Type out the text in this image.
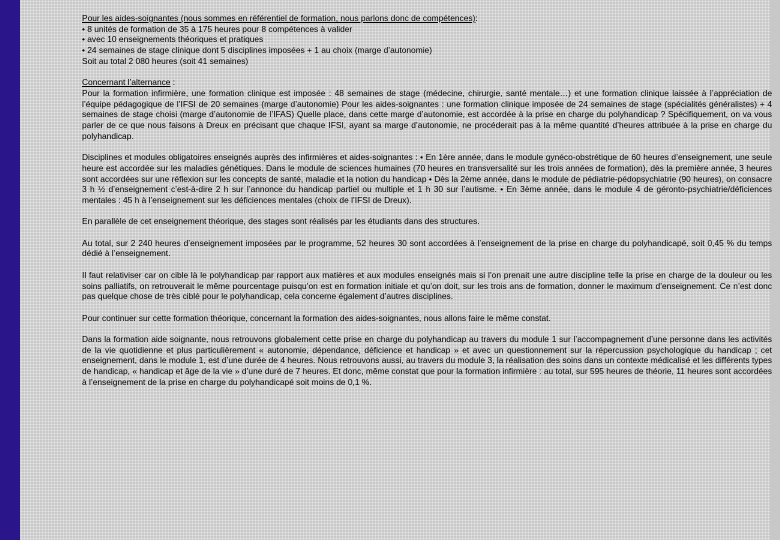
Pour les aides-soignantes (nous sommes en référentiel de formation, nous parlons donc de compétences):
• 8 unités de formation de 35 à 175 heures pour 8 compétences à valider
• avec 10 enseignements théoriques et pratiques
• 24 semaines de stage clinique dont 5 disciplines imposées + 1 au choix (marge d’autonomie)
Soit au total 2 080 heures (soit 41 semaines)

Concernant l’alternance :
Pour la formation infirmière, une formation clinique est imposée : 48 semaines de stage (médecine, chirurgie, santé mentale…) et une formation clinique laissée à l’appréciation de l’équipe pédagogique de l’IFSI de 20 semaines (marge d’autonomie) Pour les aides-soignantes : une formation clinique imposée de 24 semaines de stage (spécialités généralistes) + 4 semaines de stage choisi (marge d’autonomie de l’IFAS) Quelle place, dans cette marge d’autonomie, est accordée à la prise en charge du polyhandicap ? Spécifiquement, on va vous parler de ce que nous faisons à Dreux en précisant que chaque IFSI, ayant sa marge d’autonomie, ne procéderait pas à la même quantité d’heures attribuée à la prise en charge du polyhandicap.

Disciplines et modules obligatoires enseignés auprès des infirmières et aides-soignantes : • En 1ère année, dans le module gynéco-obstrétique de 60 heures d’enseignement, une seule heure est accordée sur les maladies génétiques. Dans le module de sciences humaines (70 heures en transversalité sur les trois années de formation), dès la première année, 3 heures sont accordées sur une réflexion sur les concepts de santé, maladie et la notion du handicap • Dès la 2ème année, dans le module de pédiatrie-pédopsychiatrie (90 heures), on consacre 3 h ½ d’enseignement c’est-à-dire 2 h sur l’annonce du handicap partiel ou multiple et 1 h 30 sur l’autisme. • En 3ème année, dans le module 4 de géronto-psychiatrie/déficiences mentales : 45 h à l’enseignement sur les déficiences mentales (choix de l’IFSI de Dreux).

En parallèle de cet enseignement théorique, des stages sont réalisés par les étudiants dans des structures.

Au total, sur 2 240 heures d’enseignement imposées par le programme, 52 heures 30 sont accordées à l’enseignement de la prise en charge du polyhandicapé, soit 0,45 % du temps dédié à l’enseignement.

Il faut relativiser car on cible là le polyhandicap par rapport aux matières et aux modules enseignés mais si l’on prenait une autre discipline telle la prise en charge de la douleur ou les soins palliatifs, on retrouverait le même pourcentage puisqu’on est en formation initiale et qu’on doit, sur les trois ans de formation, donner le maximum d’enseignement. Ce n’est donc pas quelque chose de très ciblé pour le polyhandicap, cela concerne également d’autres disciplines.

Pour continuer sur cette formation théorique, concernant la formation des aides-soignantes, nous allons faire le même constat.

Dans la formation aide soignante, nous retrouvons globalement cette prise en charge du polyhandicap au travers du module 1 sur l’accompagnement d’une personne dans les activités de la vie quotidienne et plus particulièrement « autonomie, dépendance, déficience et handicap » et avec un questionnement sur la répercussion psychologique du handicap ; cet enseignement, dans le module 1, est d’une durée de 4 heures. Nous retrouvons aussi, au travers du module 3, la réalisation des soins dans un contexte médicalisé et les différents types de handicap, « handicap et âge de la vie » d’une duré de 7 heures. Et donc, même constat que pour la formation infirmière : au total, sur 595 heures de théorie, 11 heures sont accordées à l’enseignement de la prise en charge du polyhandicapé soit moins de 0,1 %.
